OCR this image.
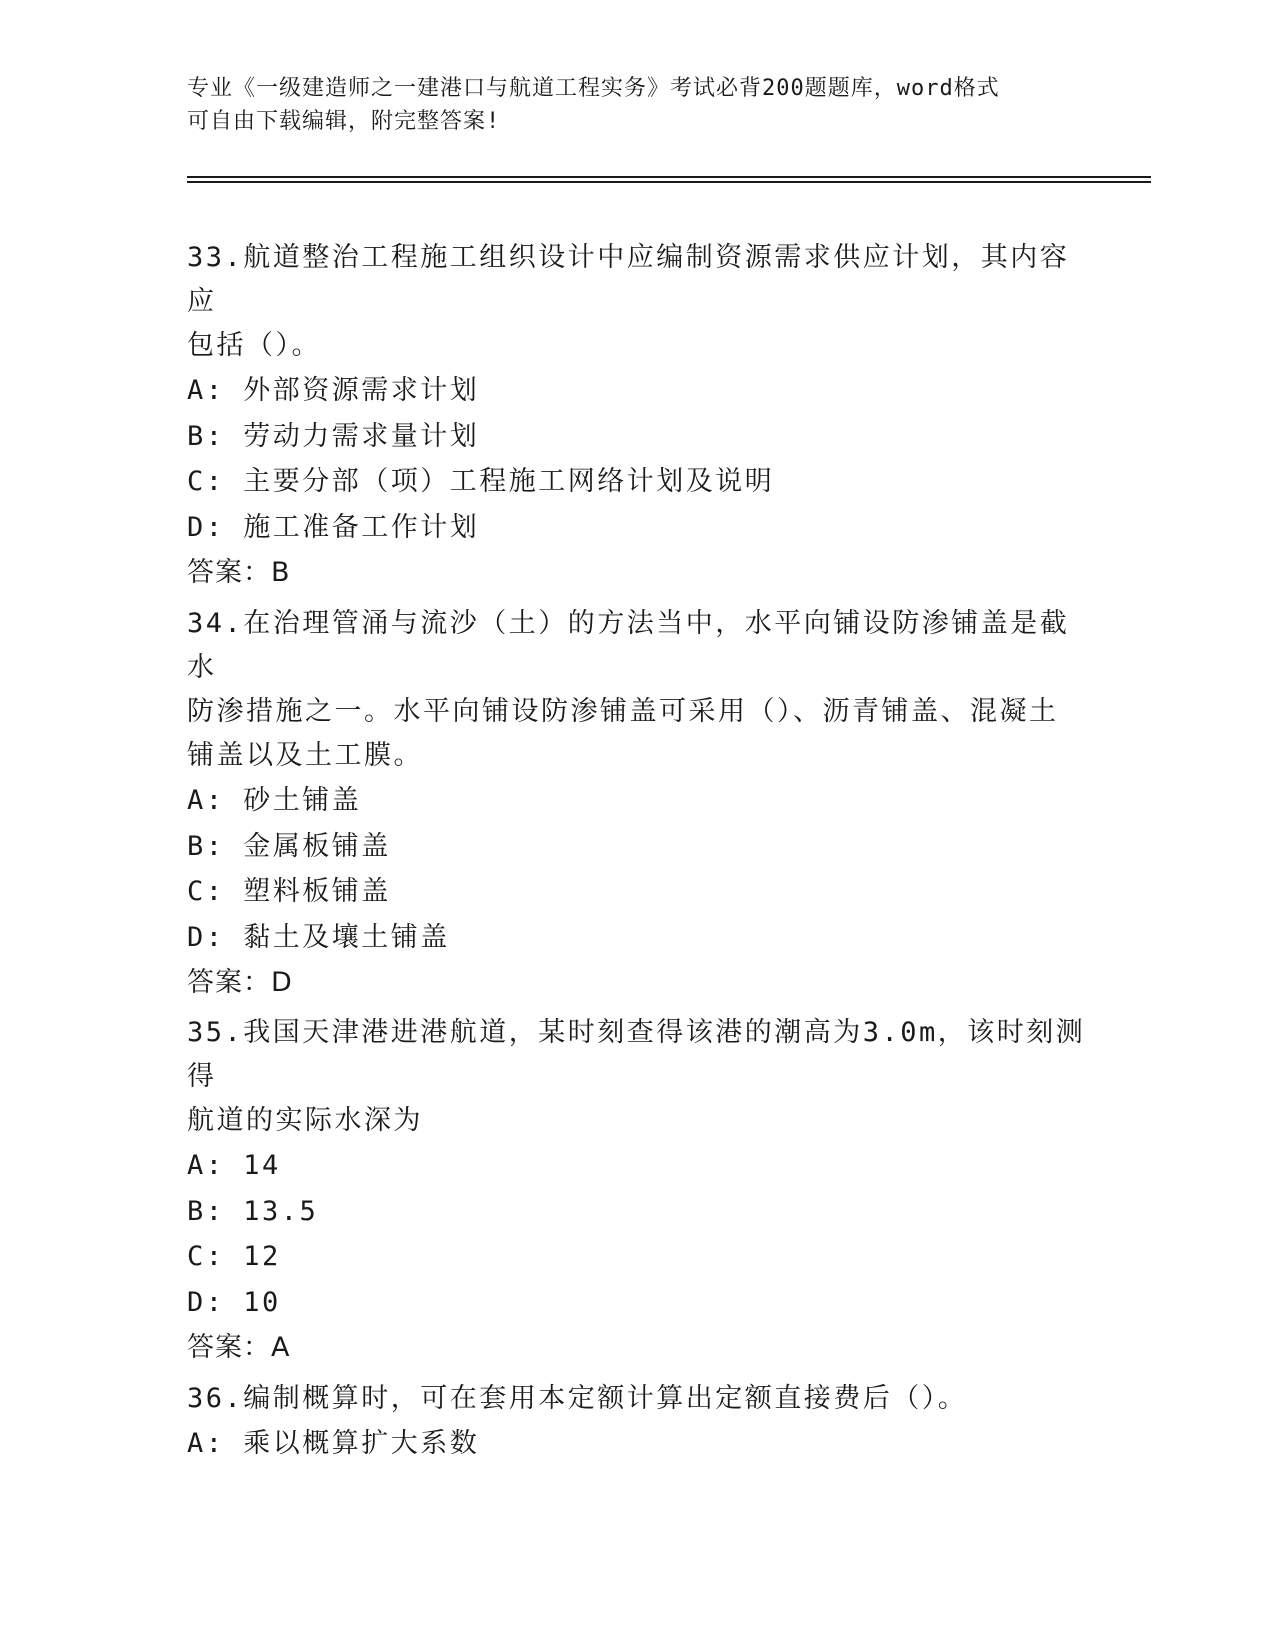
专业《一级建造师之一建港口与航道工程实务》考试必背200题题库，word格式
可自由下载编辑，附完整答案!
33.航道整治工程施工组织设计中应编制资源需求供应计划，其内容应
包括（）。
A: 外部资源需求计划
B: 劳动力需求量计划
C: 主要分部（项）工程施工网络计划及说明
D: 施工准备工作计划
答案：B
34.在治理管涌与流沙（土）的方法当中，水平向铺设防渗铺盖是截水
防渗措施之一。水平向铺设防渗铺盖可采用（）、沥青铺盖、混凝土
铺盖以及土工膜。
A: 砂土铺盖
B: 金属板铺盖
C: 塑料板铺盖
D: 黏土及壤土铺盖
答案：D
35.我国天津港进港航道，某时刻查得该港的潮高为3.0m，该时刻测得
航道的实际水深为
A: 14
B: 13.5
C: 12
D: 10
答案：A
36.编制概算时，可在套用本定额计算出定额直接费后（）。
A: 乘以概算扩大系数
